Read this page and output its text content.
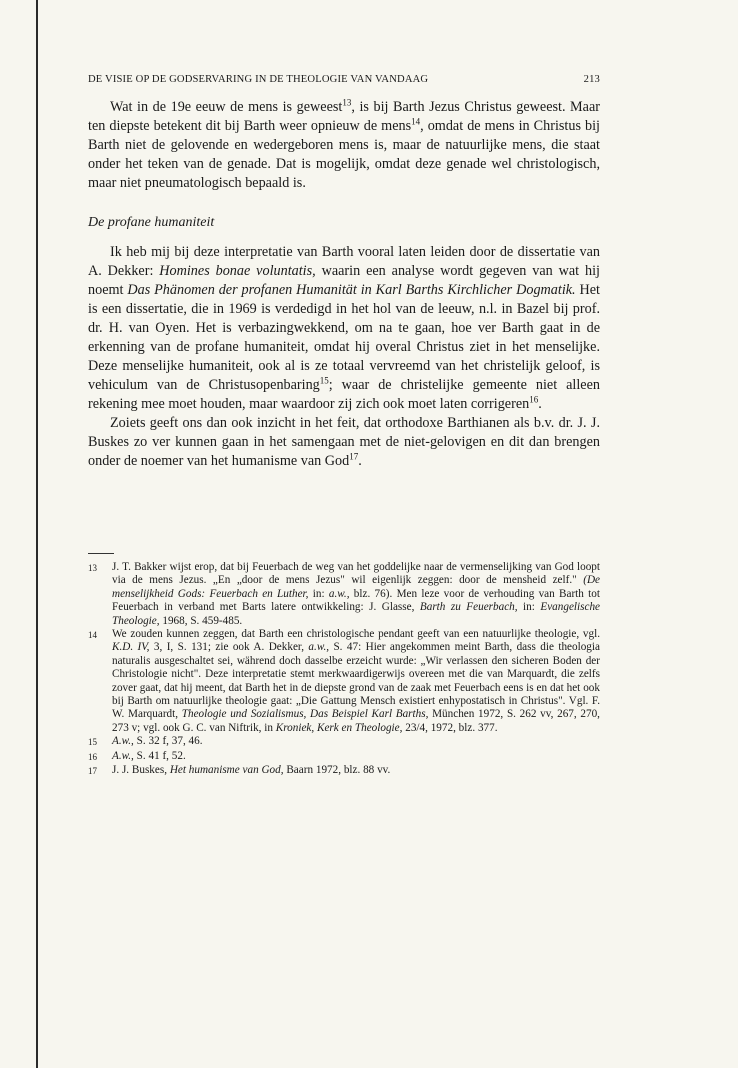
DE VISIE OP DE GODSERVARING IN DE THEOLOGIE VAN VANDAAG	213

Wat in de 19e eeuw de mens is geweest$^{13}$, is bij Barth Jezus Christus geweest. Maar ten diepste betekent dit bij Barth weer opnieuw de mens$^{14}$, omdat de mens in Christus bij Barth niet de gelovende en wedergeboren mens is, maar de natuurlijke mens, die staat onder het teken van de genade. Dat is mogelijk, omdat deze genade wel christologisch, maar niet pneumatologisch bepaald is.

De profane humaniteit

Ik heb mij bij deze interpretatie van Barth vooral laten leiden door de dissertatie van A. Dekker: Homines bonae voluntatis, waarin een analyse wordt gegeven van wat hij noemt Das Phänomen der profanen Humanität in Karl Barths Kirchlicher Dogmatik. Het is een dissertatie, die in 1969 is verdedigd in het hol van de leeuw, n.l. in Bazel bij prof. dr. H. van Oyen. Het is verbazingwekkend, om na te gaan, hoe ver Barth gaat in de erkenning van de profane humaniteit, omdat hij overal Christus ziet in het menselijke. Deze menselijke humaniteit, ook al is ze totaal vervreemd van het christelijk geloof, is vehiculum van de Christusopenbaring$^{15}$; waar de christelijke gemeente niet alleen rekening mee moet houden, maar waardoor zij zich ook moet laten corrigeren$^{16}$.

Zoiets geeft ons dan ook inzicht in het feit, dat orthodoxe Barthianen als b.v. dr. J. J. Buskes zo ver kunnen gaan in het samengaan met de niet-gelovigen en dit dan brengen onder de noemer van het humanisme van God$^{17}$.

13	J. T. Bakker wijst erop, dat bij Feuerbach de weg van het goddelijke naar de vermenselijking van God loopt via de mens Jezus. „En „door de mens Jezus" wil eigenlijk zeggen: door de mensheid zelf." (De menselijkheid Gods: Feuerbach en Luther, in: a.w., blz. 76). Men leze voor de verhouding van Barth tot Feuerbach in verband met Barts latere ontwikkeling: J. Glasse, Barth zu Feuerbach, in: Evangelische Theologie, 1968, S. 459-485.
14	We zouden kunnen zeggen, dat Barth een christologische pendant geeft van een natuurlijke theologie, vgl. K.D. IV, 3, I, S. 131; zie ook A. Dekker, a.w., S. 47: Hier angekommen meint Barth, dass die theologia naturalis ausgeschaltet sei, während doch dasselbe erzeicht wurde: „Wir verlassen den sicheren Boden der Christologie nicht". Deze interpretatie stemt merkwaardigerwijs overeen met die van Marquardt, die zelfs zover gaat, dat hij meent, dat Barth het in de diepste grond van de zaak met Feuerbach eens is en dat het ook bij Barth om natuurlijke theologie gaat: „Die Gattung Mensch existiert enhypostatisch in Christus". Vgl. F. W. Marquardt, Theologie und Sozialismus, Das Beispiel Karl Barths, München 1972, S. 262 vv, 267, 270, 273 v; vgl. ook G. C. van Niftrik, in Kroniek, Kerk en Theologie, 23/4, 1972, blz. 377.
15	A.w., S. 32 f, 37, 46.
16	A.w., S. 41 f, 52.
17	J. J. Buskes, Het humanisme van God, Baarn 1972, blz. 88 vv.
